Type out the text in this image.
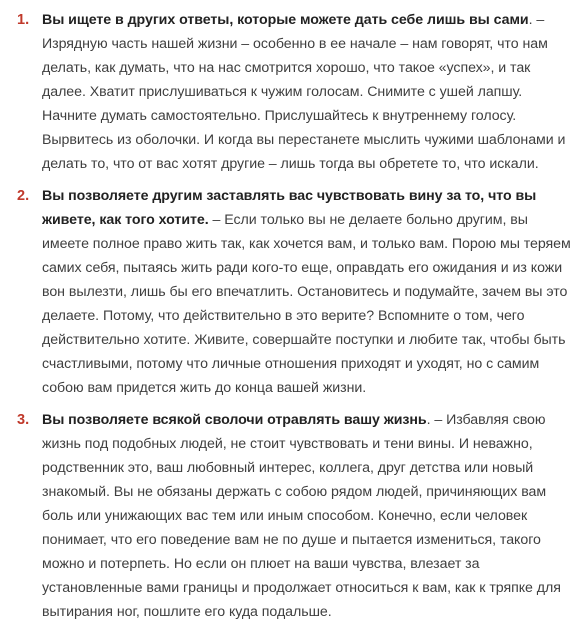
1. Вы ищете в других ответы, которые можете дать себе лишь вы сами. – Изрядную часть нашей жизни – особенно в ее начале – нам говорят, что нам делать, как думать, что на нас смотрится хорошо, что такое «успех», и так далее. Хватит прислушиваться к чужим голосам. Снимите с ушей лапшу. Начните думать самостоятельно. Прислушайтесь к внутреннему голосу. Вырвитесь из оболочки. И когда вы перестанете мыслить чужими шаблонами и делать то, что от вас хотят другие – лишь тогда вы обретете то, что искали.

2. Вы позволяете другим заставлять вас чувствовать вину за то, что вы живете, как того хотите. – Если только вы не делаете больно другим, вы имеете полное право жить так, как хочется вам, и только вам. Порою мы теряем самих себя, пытаясь жить ради кого-то еще, оправдать его ожидания и из кожи вон вылезти, лишь бы его впечатлить. Остановитесь и подумайте, зачем вы это делаете. Потому, что действительно в это верите? Вспомните о том, чего действительно хотите. Живите, совершайте поступки и любите так, чтобы быть счастливыми, потому что личные отношения приходят и уходят, но с самим собою вам придется жить до конца вашей жизни.

3. Вы позволяете всякой сволочи отравлять вашу жизнь. – Избавляя свою жизнь под подобных людей, не стоит чувствовать и тени вины. И неважно, родственник это, ваш любовный интерес, коллега, друг детства или новый знакомый. Вы не обязаны держать с собою рядом людей, причиняющих вам боль или унижающих вас тем или иным способом. Конечно, если человек понимает, что его поведение вам не по душе и пытается измениться, такого можно и потерпеть. Но если он плюет на ваши чувства, влезает за установленные вами границы и продолжает относиться к вам, как к тряпке для вытирания ног, пошлите его куда подальше.
